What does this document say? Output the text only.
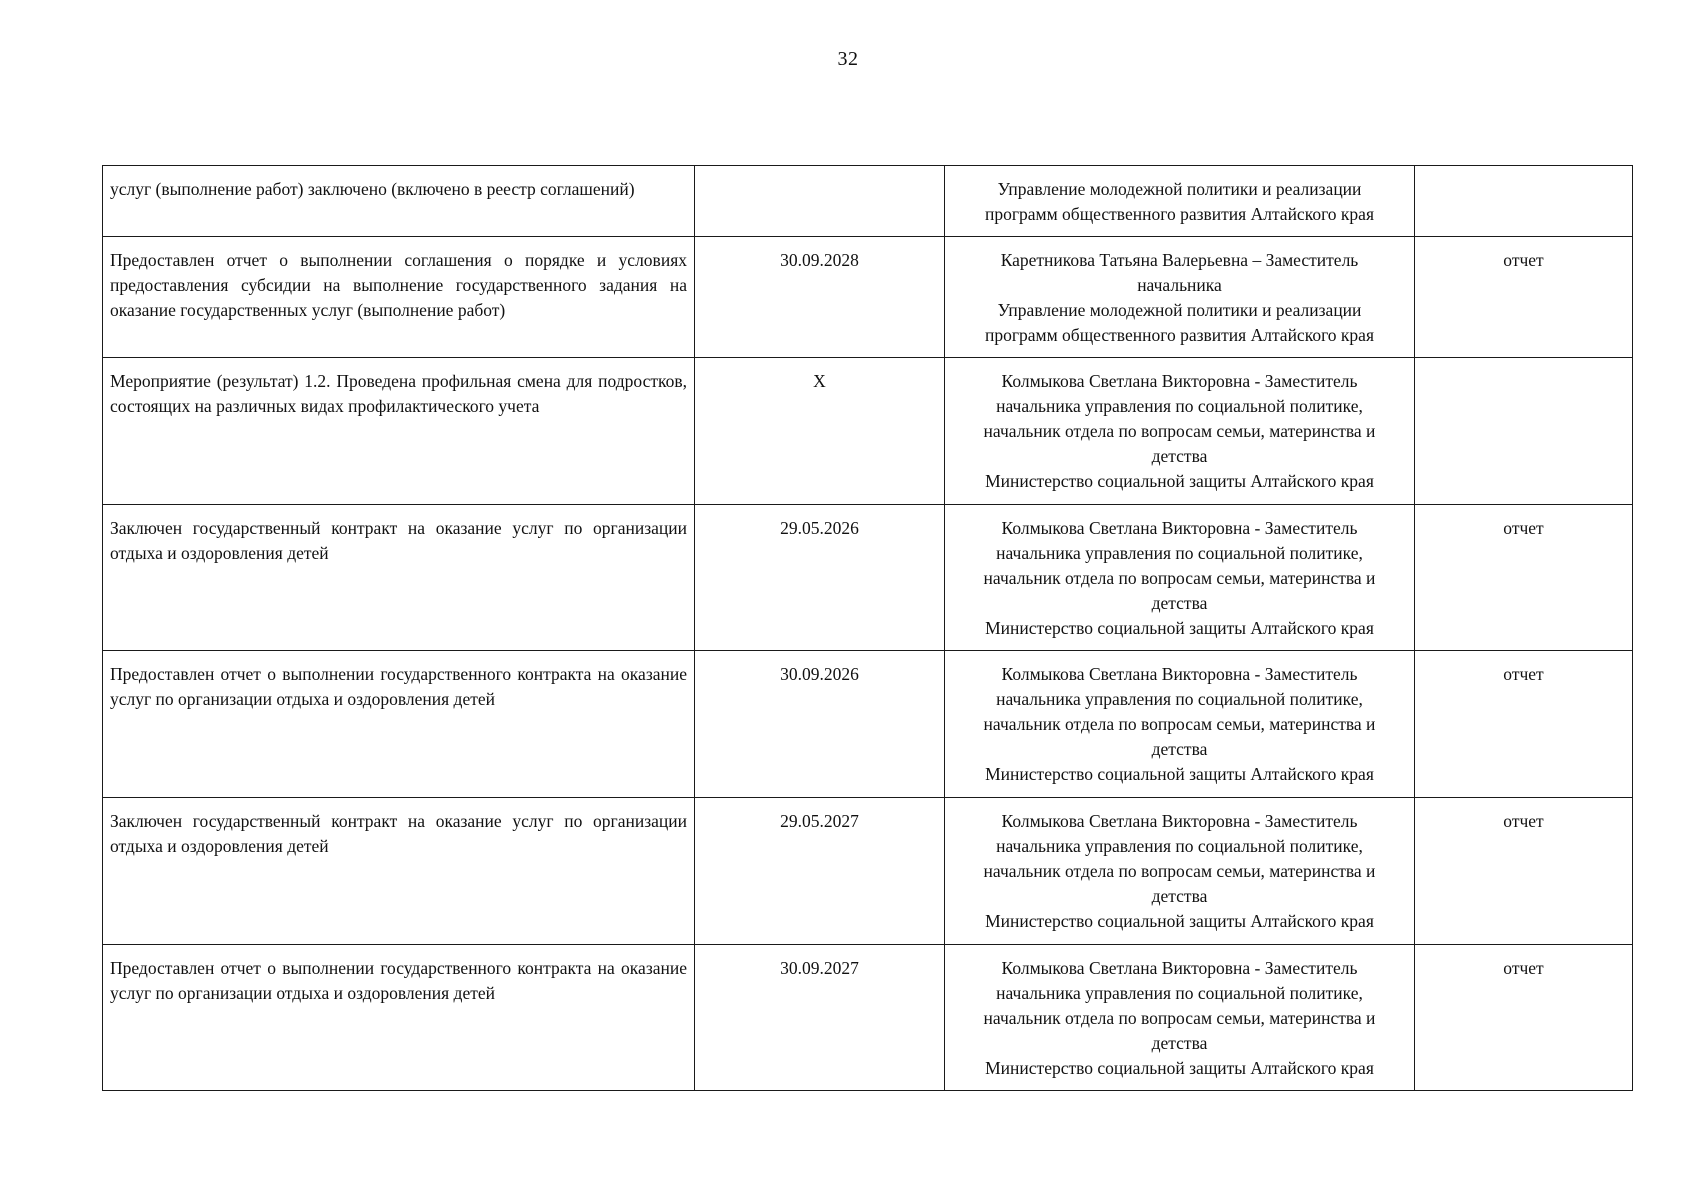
32
услуг (выполнение работ) заключено (включено в реестр соглашений)		Управление молодежной политики и реализации
программ общественного развития Алтайского края	

Предоставлен отчет о выполнении соглашения о порядке и условиях предоставления субсидии на выполнение государственного задания на оказание государственных услуг (выполнение работ)	30.09.2028	Каретникова Татьяна Валерьевна – Заместитель
начальника
Управление молодежной политики и реализации
программ общественного развития Алтайского края	отчет
Мероприятие (результат) 1.2. Проведена профильная смена для подростков, состоящих на различных видах профилактического учета	Х	Колмыкова Светлана Викторовна - Заместитель
начальника управления по социальной политике,
начальник отдела по вопросам семьи, материнства и
детства
Министерство социальной защиты Алтайского края	

Заключен государственный контракт на оказание услуг по организации отдыха и оздоровления детей	29.05.2026	Колмыкова Светлана Викторовна - Заместитель
начальника управления по социальной политике,
начальник отдела по вопросам семьи, материнства и
детства
Министерство социальной защиты Алтайского края	отчет
Предоставлен отчет о выполнении государственного контракта на оказание услуг по организации отдыха и оздоровления детей	30.09.2026	Колмыкова Светлана Викторовна - Заместитель
начальника управления по социальной политике,
начальник отдела по вопросам семьи, материнства и
детства
Министерство социальной защиты Алтайского края	отчет
Заключен государственный контракт на оказание услуг по организации отдыха и оздоровления детей	29.05.2027	Колмыкова Светлана Викторовна - Заместитель
начальника управления по социальной политике,
начальник отдела по вопросам семьи, материнства и
детства
Министерство социальной защиты Алтайского края	отчет
Предоставлен отчет о выполнении государственного контракта на оказание услуг по организации отдыха и оздоровления детей	30.09.2027	Колмыкова Светлана Викторовна - Заместитель
начальника управления по социальной политике,
начальник отдела по вопросам семьи, материнства и
детства
Министерство социальной защиты Алтайского края	отчет
